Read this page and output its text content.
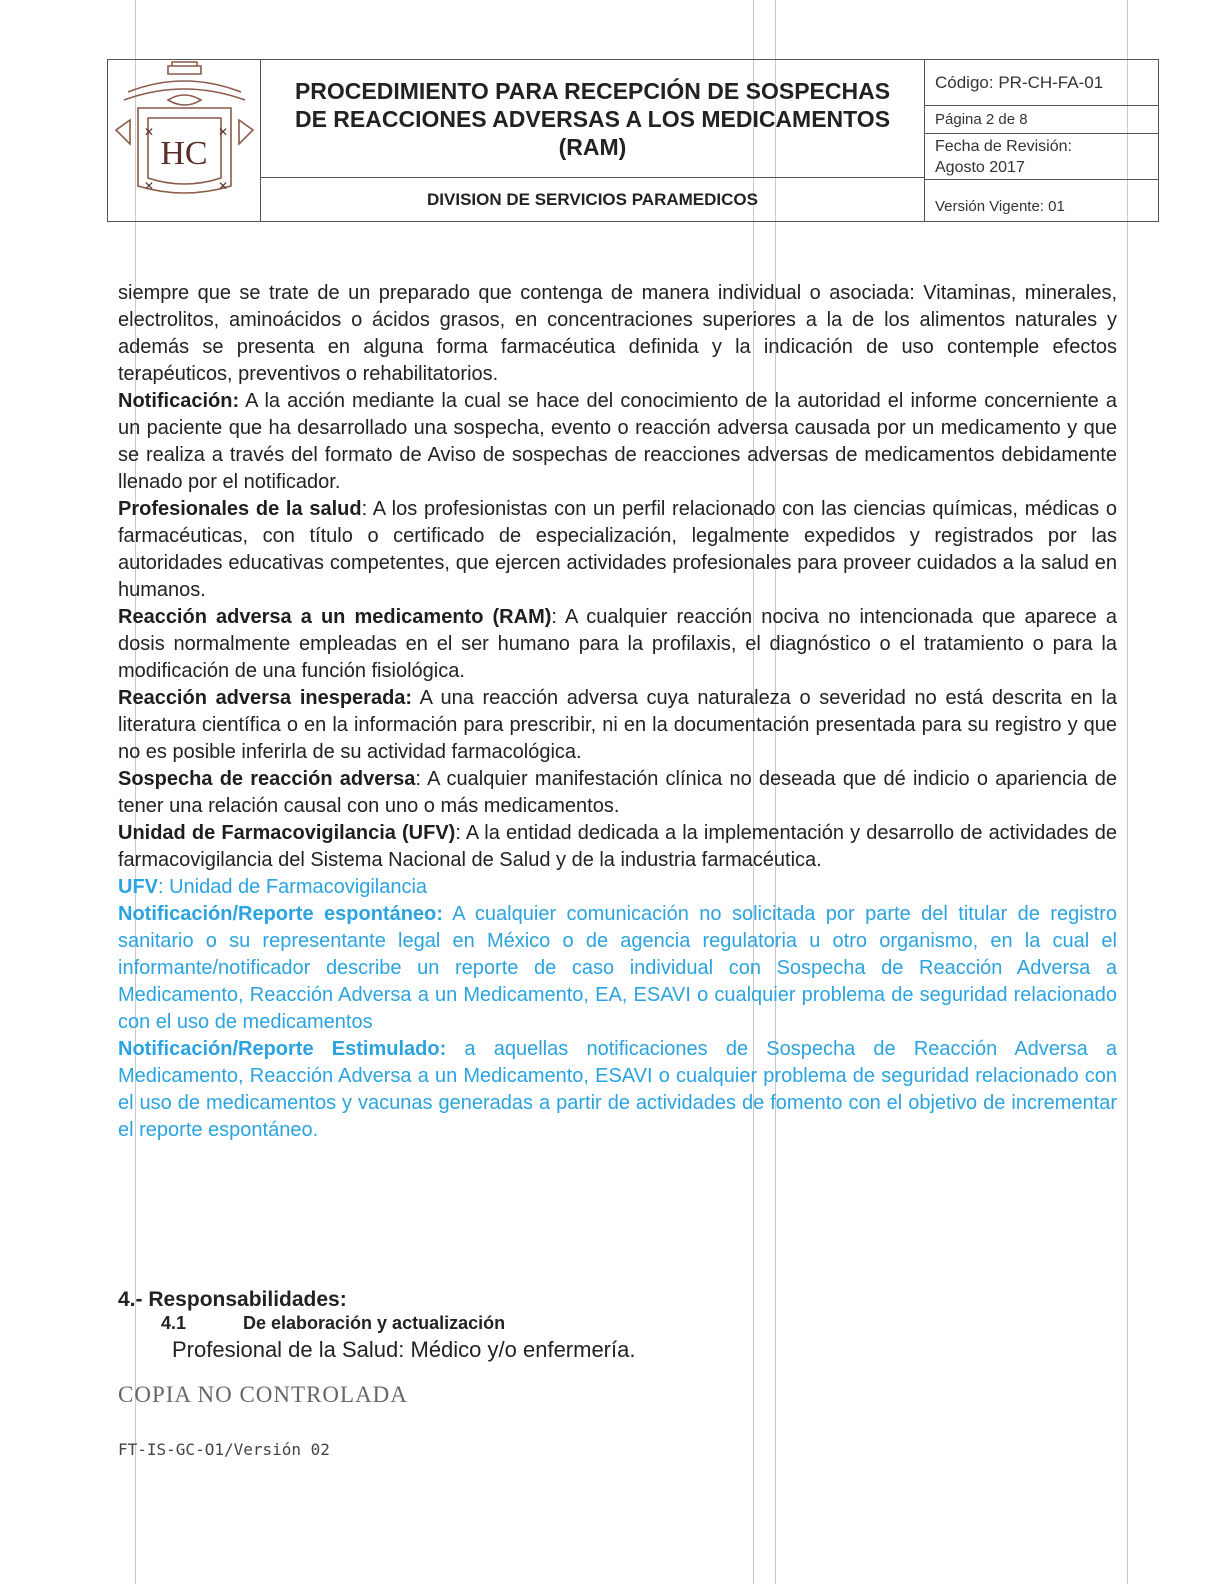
HC
✕	✕
✕	✕

PROCEDIMIENTO PARA RECEPCIÓN DE SOSPECHAS
DE REACCIONES ADVERSAS A LOS MEDICAMENTOS
(RAM)

DIVISION DE SERVICIOS PARAMEDICOS
Código: PR-CH-FA-01
Página 2 de 8
Fecha de Revisión:
Agosto 2017
Versión Vigente: 01

siempre que se trate de un preparado que contenga de manera individual o asociada: Vitaminas, minerales, electrolitos, aminoácidos o ácidos grasos, en concentraciones superiores a la de los alimentos naturales y además se presenta en alguna forma farmacéutica definida y la indicación de uso contemple efectos terapéuticos, preventivos o rehabilitatorios.

Notificación: A la acción mediante la cual se hace del conocimiento de la autoridad el informe concerniente a un paciente que ha desarrollado una sospecha, evento o reacción adversa causada por un medicamento y que se realiza a través del formato de Aviso de sospechas de reacciones adversas de medicamentos debidamente llenado por el notificador.

Profesionales de la salud: A los profesionistas con un perfil relacionado con las ciencias químicas, médicas o farmacéuticas, con título o certificado de especialización, legalmente expedidos y registrados por las autoridades educativas competentes, que ejercen actividades profesionales para proveer cuidados a la salud en humanos.

Reacción adversa a un medicamento (RAM): A cualquier reacción nociva no intencionada que aparece a dosis normalmente empleadas en el ser humano para la profilaxis, el diagnóstico o el tratamiento o para la modificación de una función fisiológica.

Reacción adversa inesperada: A una reacción adversa cuya naturaleza o severidad no está descrita en la literatura científica o en la información para prescribir, ni en la documentación presentada para su registro y que no es posible inferirla de su actividad farmacológica.

Sospecha de reacción adversa: A cualquier manifestación clínica no deseada que dé indicio o apariencia de tener una relación causal con uno o más medicamentos.

Unidad de Farmacovigilancia (UFV): A la entidad dedicada a la implementación y desarrollo de actividades de farmacovigilancia del Sistema Nacional de Salud y de la industria farmacéutica.

UFV: Unidad de Farmacovigilancia

Notificación/Reporte espontáneo: A cualquier comunicación no solicitada por parte del titular de registro sanitario o su representante legal en México o de agencia regulatoria u otro organismo, en la cual el informante/notificador describe un reporte de caso individual con Sospecha de Reacción Adversa a Medicamento, Reacción Adversa a un Medicamento, EA, ESAVI o cualquier problema de seguridad relacionado con el uso de medicamentos

Notificación/Reporte Estimulado: a aquellas notificaciones de Sospecha de Reacción Adversa a Medicamento, Reacción Adversa a un Medicamento, ESAVI o cualquier problema de seguridad relacionado con el uso de medicamentos y vacunas generadas a partir de actividades de fomento con el objetivo de incrementar el reporte espontáneo.

4.- Responsabilidades:
4.1	De elaboración y actualización
Profesional de la Salud: Médico y/o enfermería.
COPIA NO CONTROLADA
FT-IS-GC-O1/Versión 02
